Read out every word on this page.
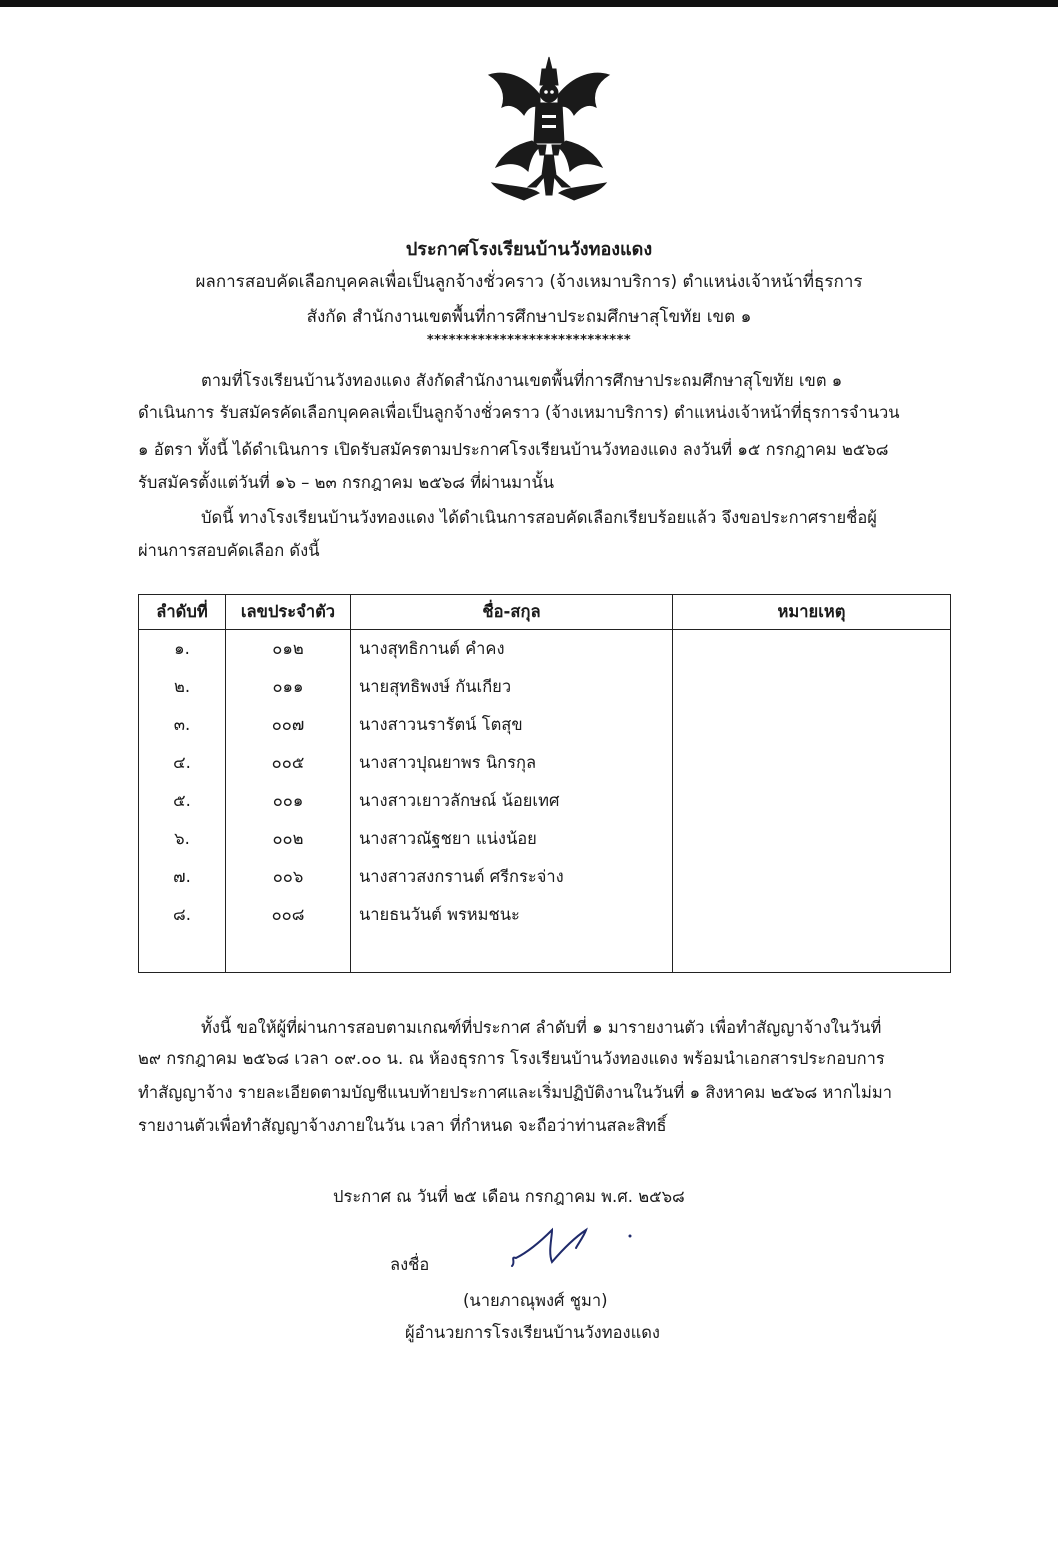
ประกาศโรงเรียนบ้านวังทองแดง
ผลการสอบคัดเลือกบุคคลเพื่อเป็นลูกจ้างชั่วคราว (จ้างเหมาบริการ) ตำแหน่งเจ้าหน้าที่ธุรการ
สังกัด สำนักงานเขตพื้นที่การศึกษาประถมศึกษาสุโขทัย เขต ๑
****************************
ตามที่โรงเรียนบ้านวังทองแดง สังกัดสำนักงานเขตพื้นที่การศึกษาประถมศึกษาสุโขทัย เขต ๑
ดำเนินการ รับสมัครคัดเลือกบุคคลเพื่อเป็นลูกจ้างชั่วคราว (จ้างเหมาบริการ) ตำแหน่งเจ้าหน้าที่ธุรการจำนวน
๑ อัตรา ทั้งนี้ ได้ดำเนินการ เปิดรับสมัครตามประกาศโรงเรียนบ้านวังทองแดง ลงวันที่ ๑๕ กรกฎาคม ๒๕๖๘
รับสมัครตั้งแต่วันที่ ๑๖ – ๒๓ กรกฎาคม ๒๕๖๘ ที่ผ่านมานั้น
บัดนี้ ทางโรงเรียนบ้านวังทองแดง ได้ดำเนินการสอบคัดเลือกเรียบร้อยแล้ว จึงขอประกาศรายชื่อผู้
ผ่านการสอบคัดเลือก ดังนี้
ลำดับที่	เลขประจำตัว	ชื่อ-สกุล	หมายเหตุ
๑.	๐๑๒	นางสุทธิกานต์ คำคง	
๒.	๐๑๑	นายสุทธิพงษ์ กันเกียว	
๓.	๐๐๗	นางสาวนรารัตน์ โตสุข	
๔.	๐๐๕	นางสาวปุณยาพร นิกรกุล	
๕.	๐๐๑	นางสาวเยาวลักษณ์ น้อยเทศ	
๖.	๐๐๒	นางสาวณัฐชยา แน่งน้อย	
๗.	๐๐๖	นางสาวสงกรานต์ ศรีกระจ่าง	
๘.	๐๐๘	นายธนวันต์ พรหมชนะ	

ทั้งนี้ ขอให้ผู้ที่ผ่านการสอบตามเกณฑ์ที่ประกาศ ลำดับที่ ๑ มารายงานตัว เพื่อทำสัญญาจ้างในวันที่
๒๙ กรกฎาคม ๒๕๖๘ เวลา ๐๙.๐๐ น. ณ ห้องธุรการ โรงเรียนบ้านวังทองแดง พร้อมนำเอกสารประกอบการ
ทำสัญญาจ้าง รายละเอียดตามบัญชีแนบท้ายประกาศและเริ่มปฏิบัติงานในวันที่ ๑ สิงหาคม ๒๕๖๘ หากไม่มา
รายงานตัวเพื่อทำสัญญาจ้างภายในวัน เวลา ที่กำหนด จะถือว่าท่านสละสิทธิ์
ประกาศ ณ วันที่ ๒๕ เดือน กรกฎาคม พ.ศ. ๒๕๖๘
ลงชื่อ
(นายภาณุพงศ์ ชูมา)
ผู้อำนวยการโรงเรียนบ้านวังทองแดง
